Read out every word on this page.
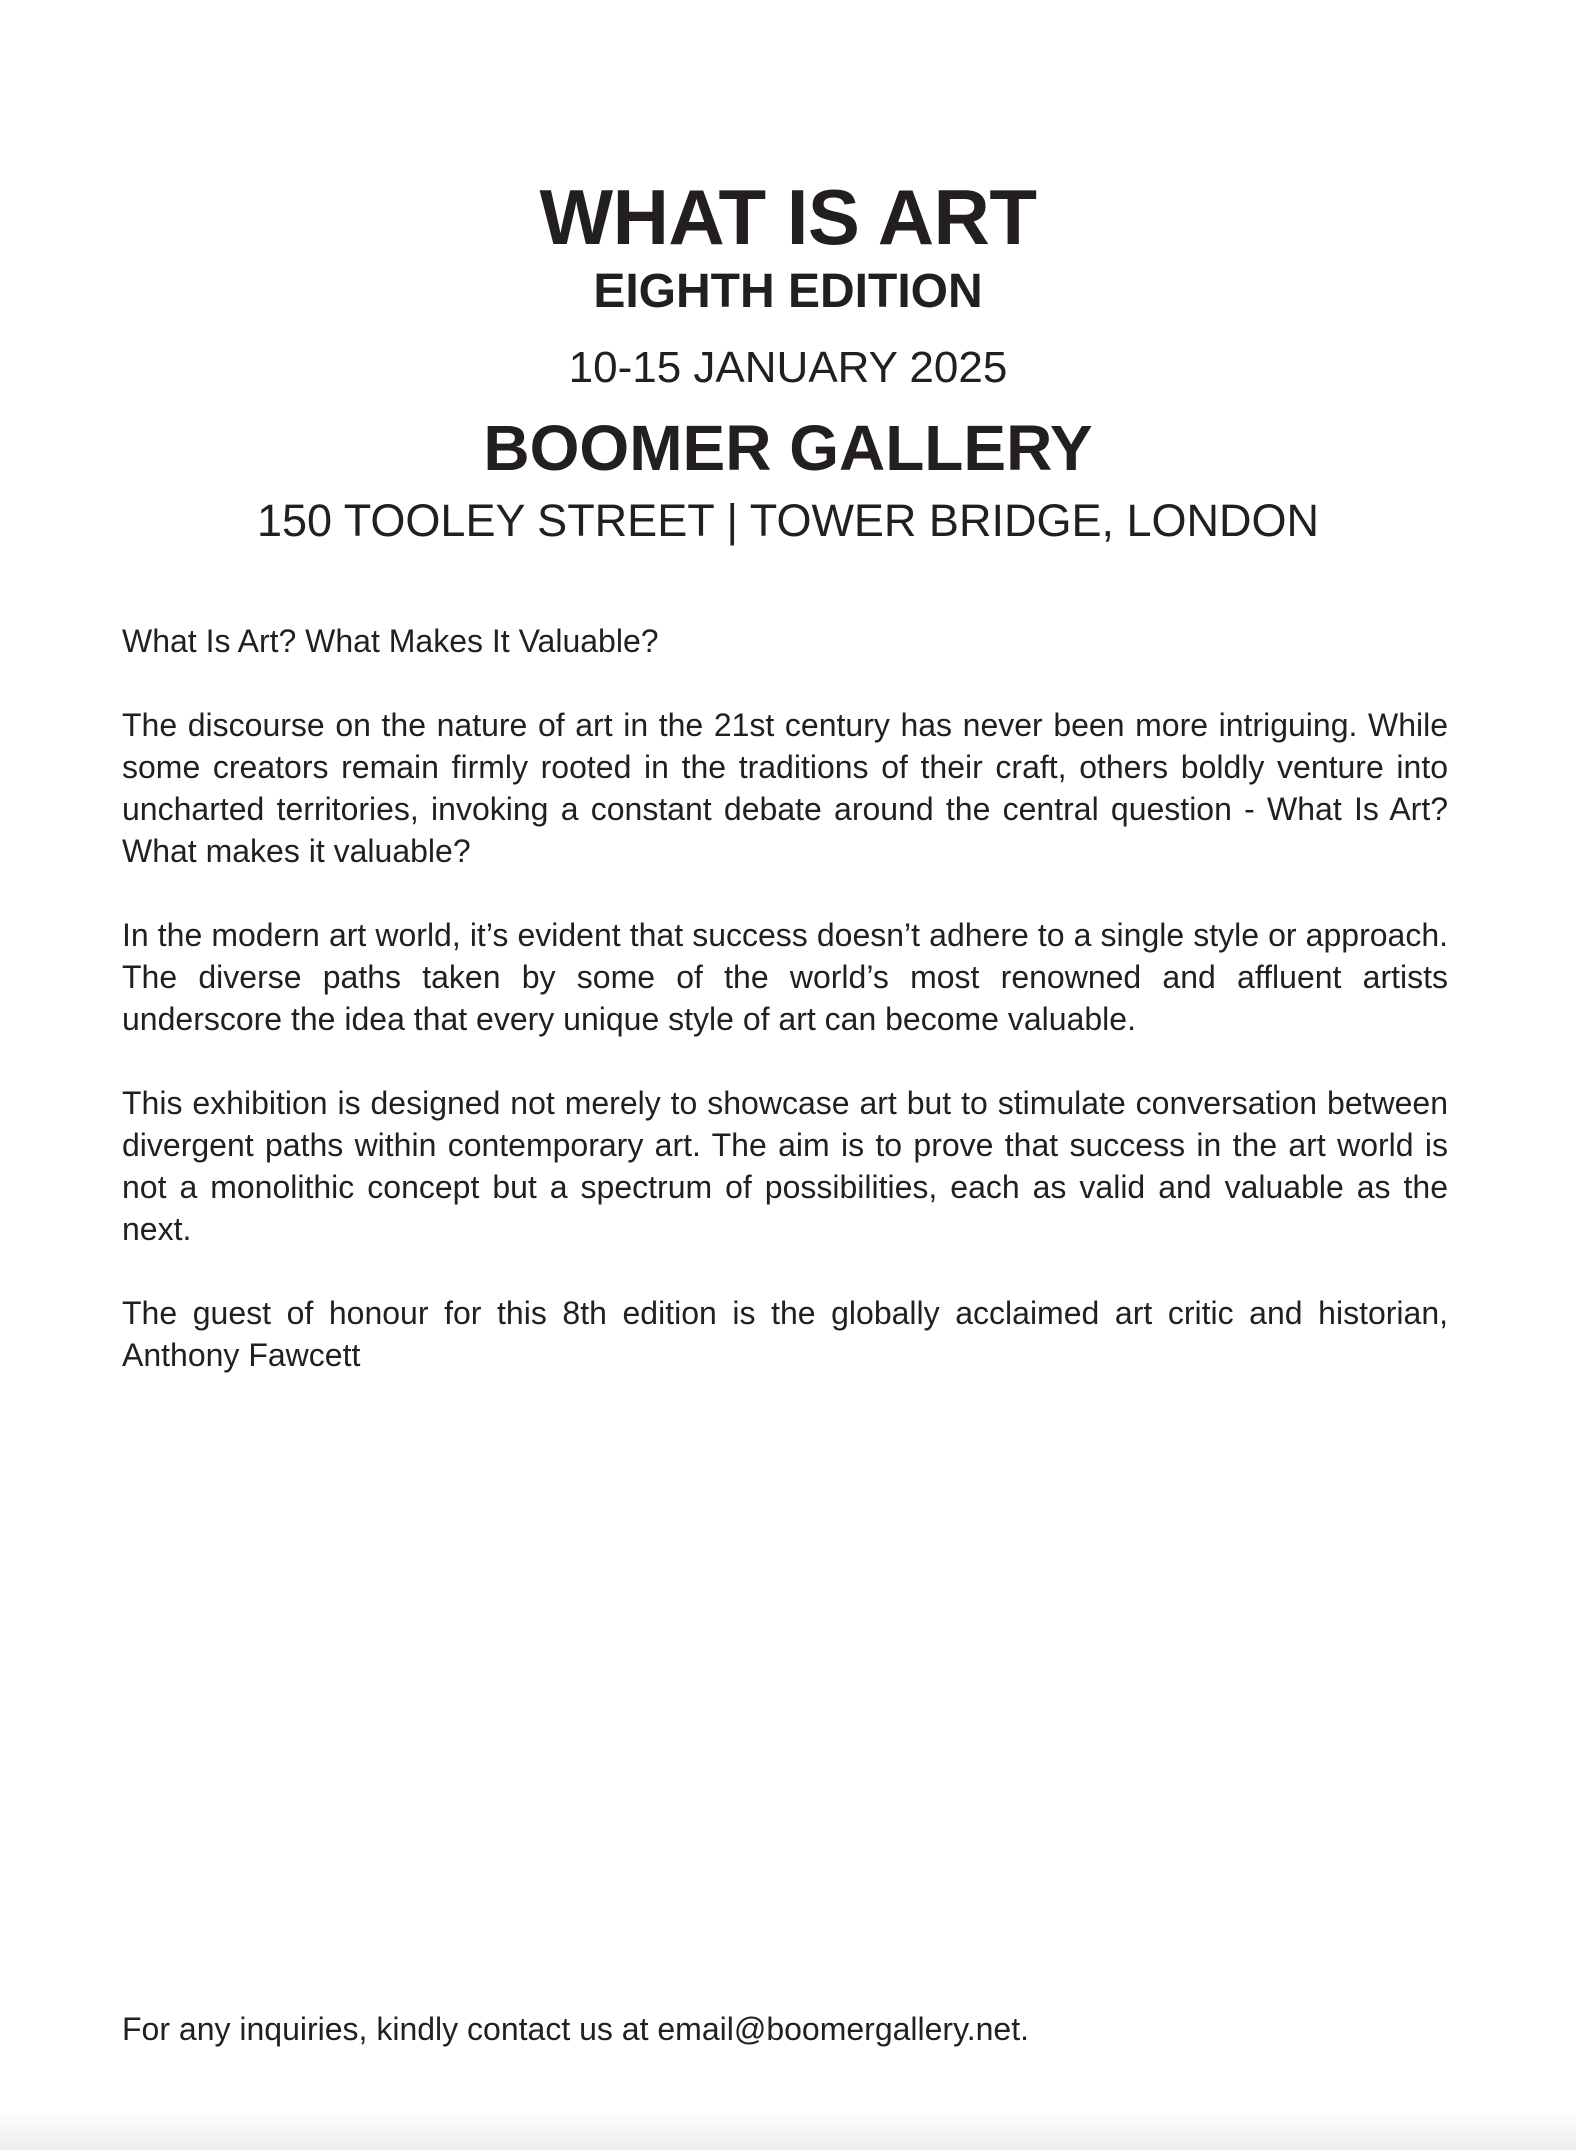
WHAT IS ART
EIGHTH EDITION
10-15 JANUARY 2025
BOOMER GALLERY
150 TOOLEY STREET | TOWER BRIDGE, LONDON

What Is Art? What Makes It Valuable?

The discourse on the nature of art in the 21st century has never been more intriguing. While some creators remain firmly rooted in the traditions of their craft, others boldly venture into uncharted territories, invoking a constant debate around the central question - What Is Art? What makes it valuable?

In the modern art world, it’s evident that success doesn’t adhere to a single style or approach. The diverse paths taken by some of the world’s most renowned and affluent artists underscore the idea that every unique style of art can become valuable.

This exhibition is designed not merely to showcase art but to stimulate conversation between divergent paths within contemporary art. The aim is to prove that success in the art world is not a monolithic concept but a spectrum of possibilities, each as valid and valuable as the next.

The guest of honour for this 8th edition is the globally acclaimed art critic and historian, Anthony Fawcett

For any inquiries, kindly contact us at email@boomergallery.net.
